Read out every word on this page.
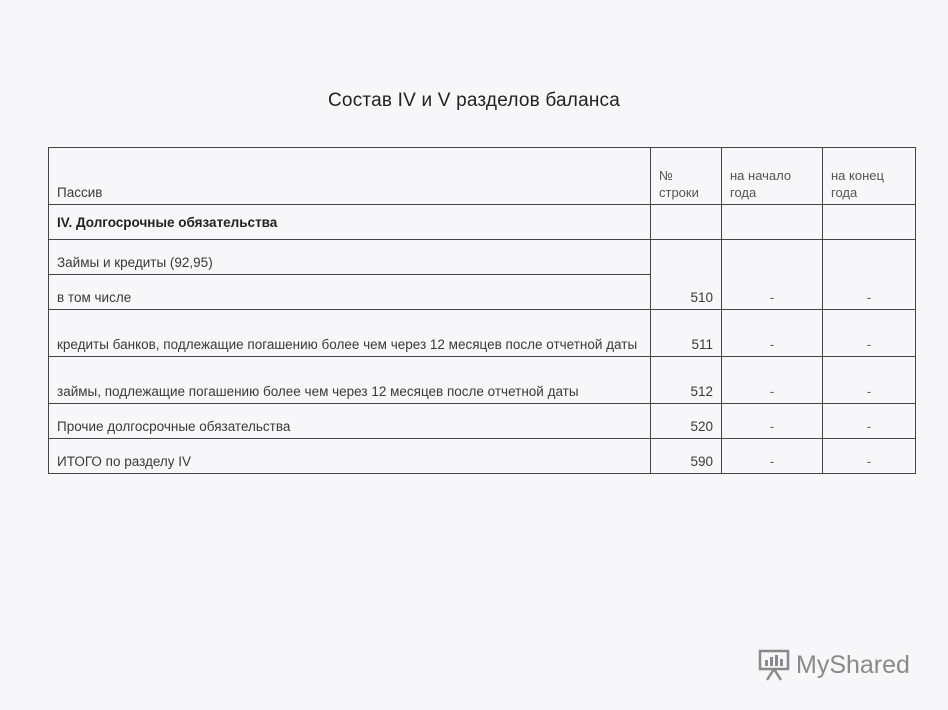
Состав IV и V разделов баланса
Пассив	№ строки	на начало года	на конец года
IV. Долгосрочные обязательства			
Займы и кредиты (92,95)	510	-	-
в том числе			
кредиты банков, подлежащие погашению более чем через 12 месяцев после отчетной даты	511	-	-
займы, подлежащие погашению более чем через 12 месяцев после отчетной даты	512	-	-
Прочие долгосрочные обязательства	520	-	-
ИТОГО по разделу IV	590	-	-
MyShared
